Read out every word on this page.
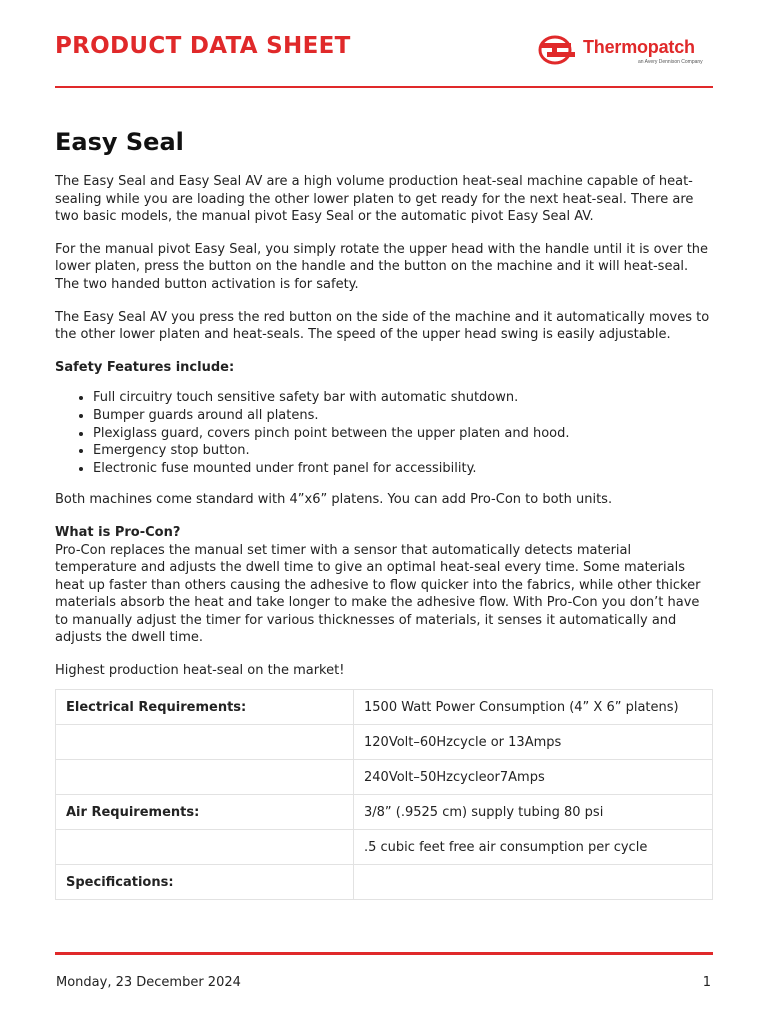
PRODUCT DATA SHEET	Thermopatch
an Avery Dennison Company
Easy Seal

The Easy Seal and Easy Seal AV are a high volume production heat-seal machine capable of heat-sealing while you are loading the other lower platen to get ready for the next heat-seal. There are two basic models, the manual pivot Easy Seal or the automatic pivot Easy Seal AV.

For the manual pivot Easy Seal, you simply rotate the upper head with the handle until it is over the lower platen, press the button on the handle and the button on the machine and it will heat-seal. The two handed button activation is for safety.

The Easy Seal AV you press the red button on the side of the machine and it automatically moves to the other lower platen and heat-seals. The speed of the upper head swing is easily adjustable.

Safety Features include:

• Full circuitry touch sensitive safety bar with automatic shutdown.
• Bumper guards around all platens.
• Plexiglass guard, covers pinch point between the upper platen and hood.
• Emergency stop button.
• Electronic fuse mounted under front panel for accessibility.

Both machines come standard with 4”x6” platens. You can add Pro-Con to both units.

What is Pro-Con?

Pro-Con replaces the manual set timer with a sensor that automatically detects material temperature and adjusts the dwell time to give an optimal heat-seal every time. Some materials heat up faster than others causing the adhesive to flow quicker into the fabrics, while other thicker materials absorb the heat and take longer to make the adhesive flow. With Pro-Con you don’t have to manually adjust the timer for various thicknesses of materials, it senses it automatically and adjusts the dwell time.

Highest production heat-seal on the market!

Electrical Requirements:	1500 Watt Power Consumption (4” X 6” platens)
	120Volt–60Hzcycle or 13Amps
	240Volt–50Hzcycleor7Amps
Air Requirements:	3/8” (.9525 cm) supply tubing 80 psi
	.5 cubic feet free air consumption per cycle
Specifications:	
Monday, 23 December 2024	1
